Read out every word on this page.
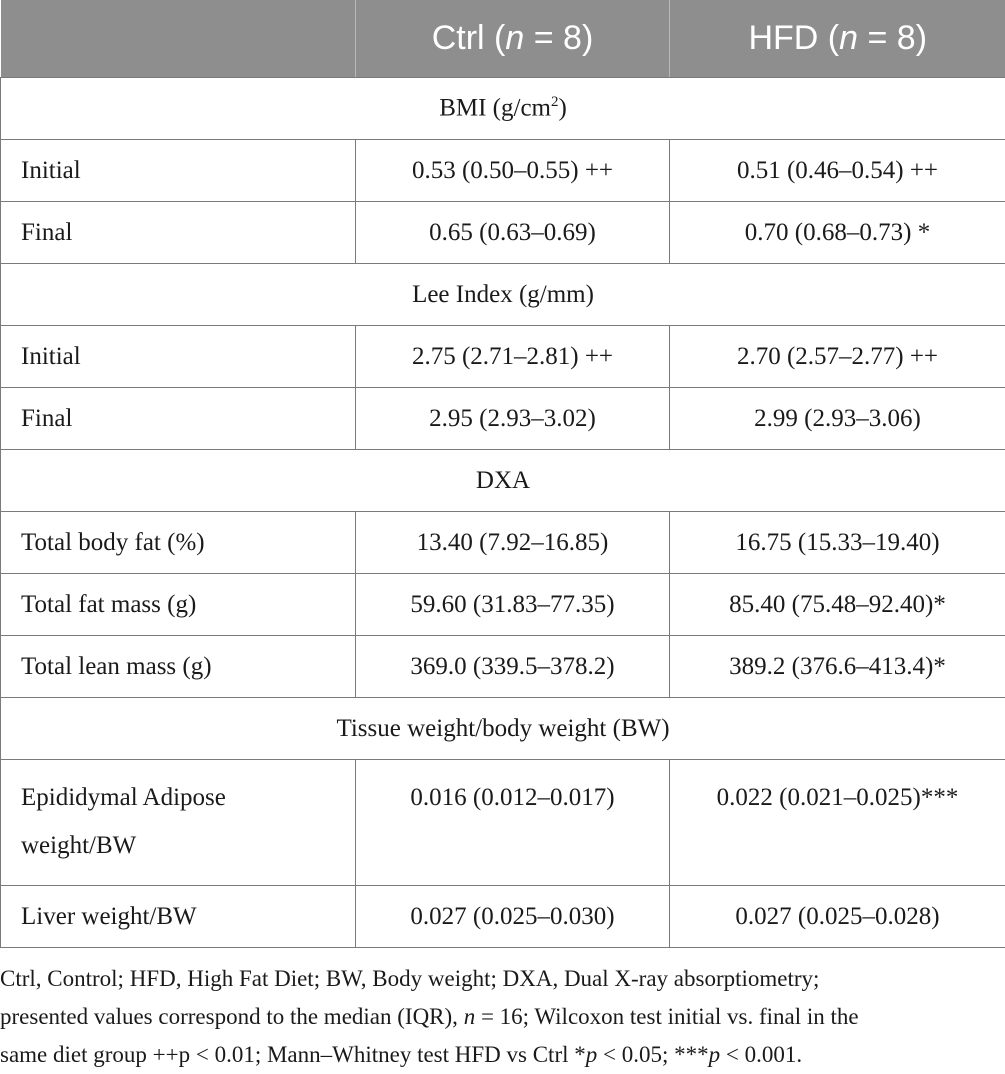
	Ctrl (n = 8)	HFD (n = 8)
BMI $(g/cm^2)$		
Initial	0.53 (0.50–0.55) ++	0.51 (0.46–0.54) ++
Final	0.65 (0.63–0.69)	0.70 (0.68–0.73) *
Lee Index (g/mm)		
Initial	2.75 (2.71–2.81) ++	2.70 (2.57–2.77) ++
Final	2.95 (2.93–3.02)	2.99 (2.93–3.06)
DXA		
Total body fat (%)	13.40 (7.92–16.85)	16.75 (15.33–19.40)
Total fat mass (g)	59.60 (31.83–77.35)	85.40 (75.48–92.40)*
Total lean mass (g)	369.0 (339.5–378.2)	389.2 (376.6–413.4)*
Tissue weight/body weight (BW)		
Epididymal Adipose
weight/BW	0.016 (0.012–0.017)	0.022 (0.021–0.025)***
Liver weight/BW	0.027 (0.025–0.030)	0.027 (0.025–0.028)
Ctrl, Control; HFD, High Fat Diet; BW, Body weight; DXA, Dual X-ray absorptiometry;
presented values correspond to the median (IQR), n = 16; Wilcoxon test initial vs. final in the
same diet group ++p < 0.01; Mann–Whitney test HFD vs Ctrl *p < 0.05; ***p < 0.001.
